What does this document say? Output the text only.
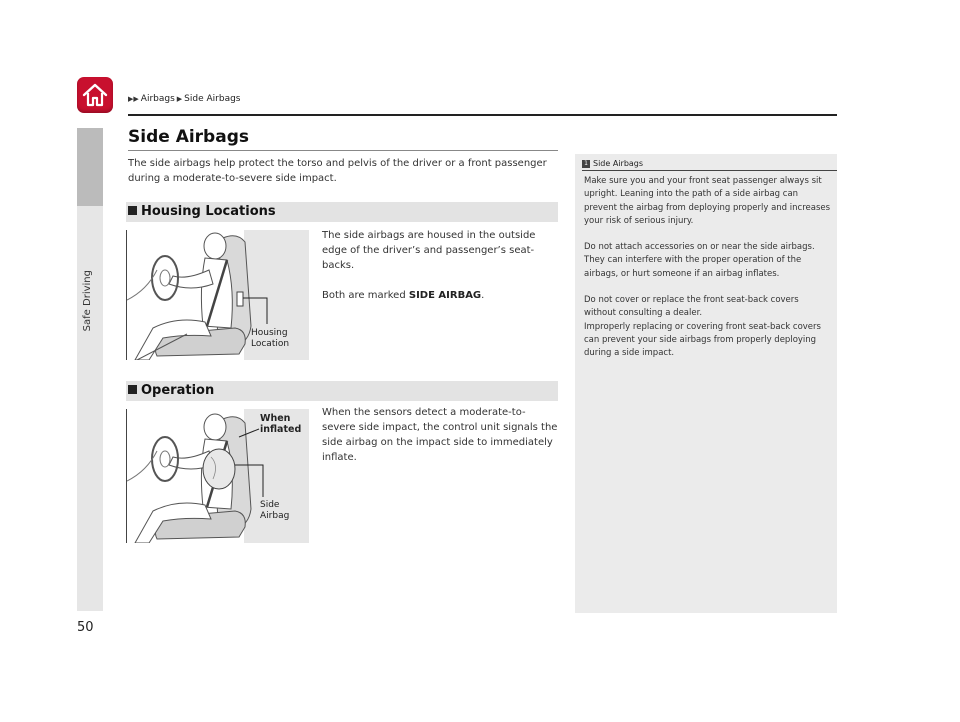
Safe Driving
▶▶ Airbags ▶ Side Airbags
Side Airbags
The side airbags help protect the torso and pelvis of the driver or a front passenger during a moderate-to-severe side impact.
Housing Locations
Housing
Location
The side airbags are housed in the outside edge of the driver’s and passenger’s seat-backs.
Both are marked SIDE AIRBAG.
Operation
When
inflated
Side
Airbag
When the sensors detect a moderate-to-severe side impact, the control unit signals the side airbag on the impact side to immediately inflate.
1 Side Airbags

Make sure you and your front seat passenger always sit upright. Leaning into the path of a side airbag can prevent the airbag from deploying properly and increases your risk of serious injury.

Do not attach accessories on or near the side airbags. They can interfere with the proper operation of the airbags, or hurt someone if an airbag inflates.

Do not cover or replace the front seat-back covers without consulting a dealer.
Improperly replacing or covering front seat-back covers can prevent your side airbags from properly deploying during a side impact.

50
